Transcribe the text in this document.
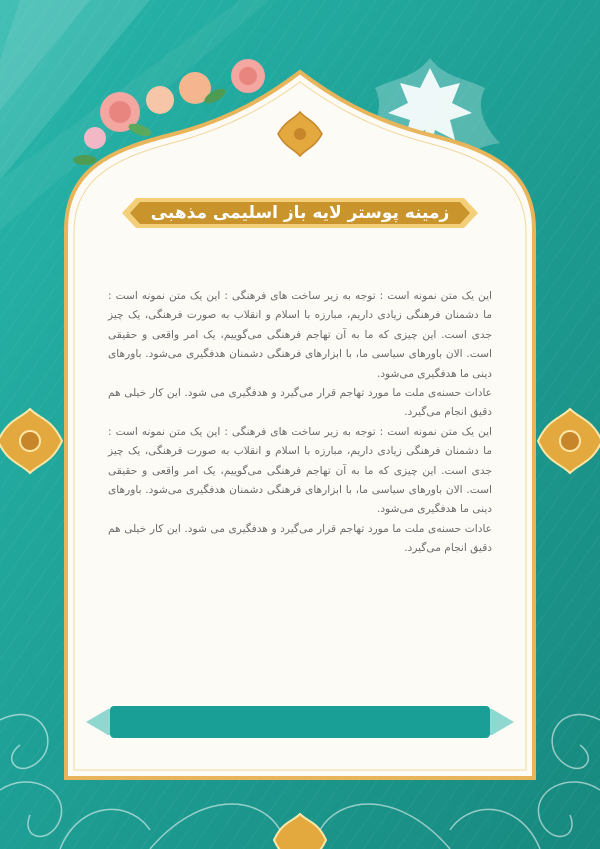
زمینه پوستر لایه باز اسلیمی مذهبی

این یک متن نمونه است : توجه به زیر ساخت های فرهنگی : این یک متن نمونه است : ما دشمنان فرهنگی زیادی داریم، مبارزه با اسلام و انقلاب به صورت فرهنگی، یک چیز جدی است. این چیزی که ما به آن تهاجم فرهنگی می‌گوییم، یک امر واقعی و حقیقی است. الان باورهای سیاسی ما، با ابزارهای فرهنگی دشمنان هدفگیری می‌شود. باورهای دینی ما هدفگیری می‌شود.

عادات حسنه‌ی ملت ما مورد تهاجم قرار می‌گیرد و هدفگیری می شود. این کار خیلی هم دقیق انجام می‌گیرد.

این یک متن نمونه است : توجه به زیر ساخت های فرهنگی : این یک متن نمونه است : ما دشمنان فرهنگی زیادی داریم، مبارزه با اسلام و انقلاب به صورت فرهنگی، یک چیز جدی است. این چیزی که ما به آن تهاجم فرهنگی می‌گوییم، یک امر واقعی و حقیقی است. الان باورهای سیاسی ما، با ابزارهای فرهنگی دشمنان هدفگیری می‌شود. باورهای دینی ما هدفگیری می‌شود.

عادات حسنه‌ی ملت ما مورد تهاجم قرار می‌گیرد و هدفگیری می شود. این کار خیلی هم دقیق انجام می‌گیرد.
